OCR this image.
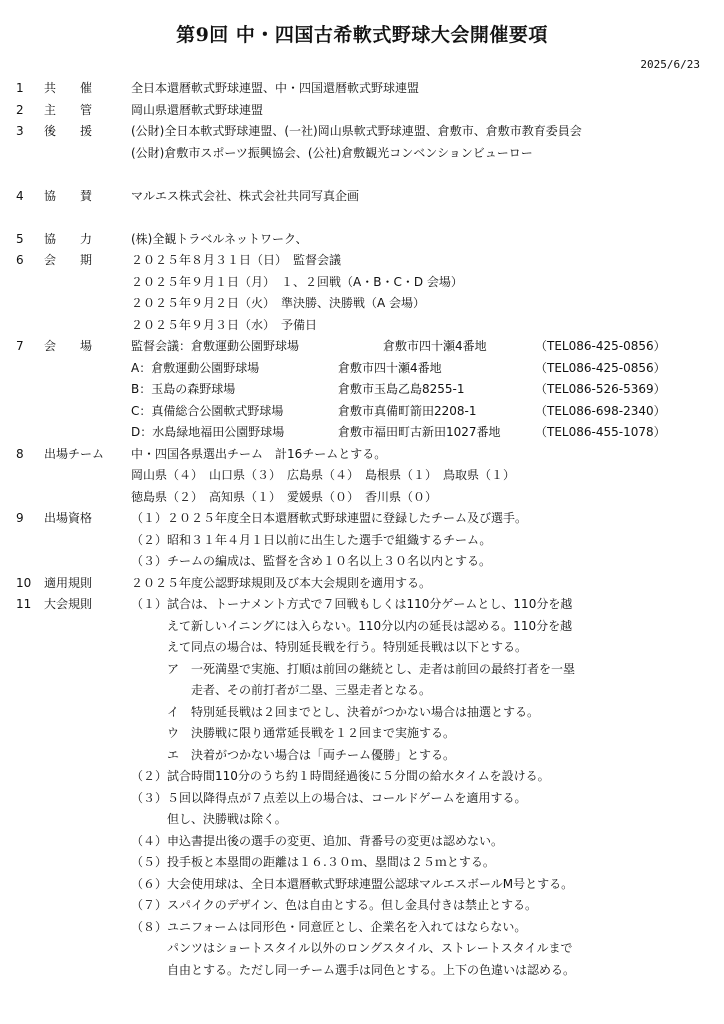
第9回 中・四国古希軟式野球大会開催要項
2025/6/23
1 共　　催	全日本還暦軟式野球連盟、中・四国還暦軟式野球連盟
2 主　　管	岡山県還暦軟式野球連盟
3 後　　援	(公財)全日本軟式野球連盟、(一社)岡山県軟式野球連盟、倉敷市、倉敷市教育委員会
(公財)倉敷市スポーツ振興協会、(公社)倉敷観光コンベンションビューロー
4 協　　賛	マルエス株式会社、株式会社共同写真企画
5 協　　力	(株)全観トラベルネットワーク、
6 会　　期	２０２５年８月３１日（日）　監督会議
２０２５年９月１日（月）　１、２回戦（A・B・C・D 会場）
２０２５年９月２日（火）　準決勝、決勝戦（A 会場）
２０２５年９月３日（水）　予備日
7 会　　場	監督会議：倉敷運動公園野球場	倉敷市四十瀬4番地	（TEL086-425-0856）
A：倉敷運動公園野球場	倉敷市四十瀬4番地	（TEL086-425-0856）
B：玉島の森野球場	倉敷市玉島乙島8255-1	（TEL086-526-5369）
C：真備総合公園軟式野球場	倉敷市真備町箭田2208-1	（TEL086-698-2340）
D：水島緑地福田公園野球場	倉敷市福田町古新田1027番地	（TEL086-455-1078）
8 出場チーム 中・四国各県選出チーム　計16チームとする。
岡山県（４）　山口県（３）　広島県（４）　島根県（１）　鳥取県（１）
徳島県（２）　高知県（１）　愛媛県（０）　香川県（０）
9 出場資格	（１）２０２５年度全日本還暦軟式野球連盟に登録したチーム及び選手。
（２）昭和３１年４月１日以前に出生した選手で組織するチーム。
（３）チームの編成は、監督を含め１０名以上３０名以内とする。
10 適用規則	２０２５年度公認野球規則及び本大会規則を適用する。
11 大会規則	（１）試合は、トーナメント方式で７回戦もしくは110分ゲームとし、110分を越
　　　えて新しいイニングには入らない。110分以内の延長は認める。110分を越
　　　えて同点の場合は、特別延長戦を行う。特別延長戦は以下とする。
　　　ア　一死満塁で実施、打順は前回の継続とし、走者は前回の最終打者を一塁
　　　　　走者、その前打者が二塁、三塁走者となる。
　　　イ　特別延長戦は２回までとし、決着がつかない場合は抽選とする。
　　　ウ　決勝戦に限り通常延長戦を１２回まで実施する。
　　　エ　決着がつかない場合は「両チーム優勝」とする。
（２）試合時間110分のうち約１時間経過後に５分間の給水タイムを設ける。
（３）５回以降得点が７点差以上の場合は、コールドゲームを適用する。
　　　但し、決勝戦は除く。
（４）申込書提出後の選手の変更、追加、背番号の変更は認めない。
（５）投手板と本塁間の距離は１６.３０ｍ、塁間は２５ｍとする。
（６）大会使用球は、全日本還暦軟式野球連盟公認球マルエスボールM号とする。
（７）スパイクのデザイン、色は自由とする。但し金具付きは禁止とする。
（８）ユニフォームは同形色・同意匠とし、企業名を入れてはならない。
　　　パンツはショートスタイル以外のロングスタイル、ストレートスタイルまで
　　　自由とする。ただし同一チーム選手は同色とする。上下の色違いは認める。
